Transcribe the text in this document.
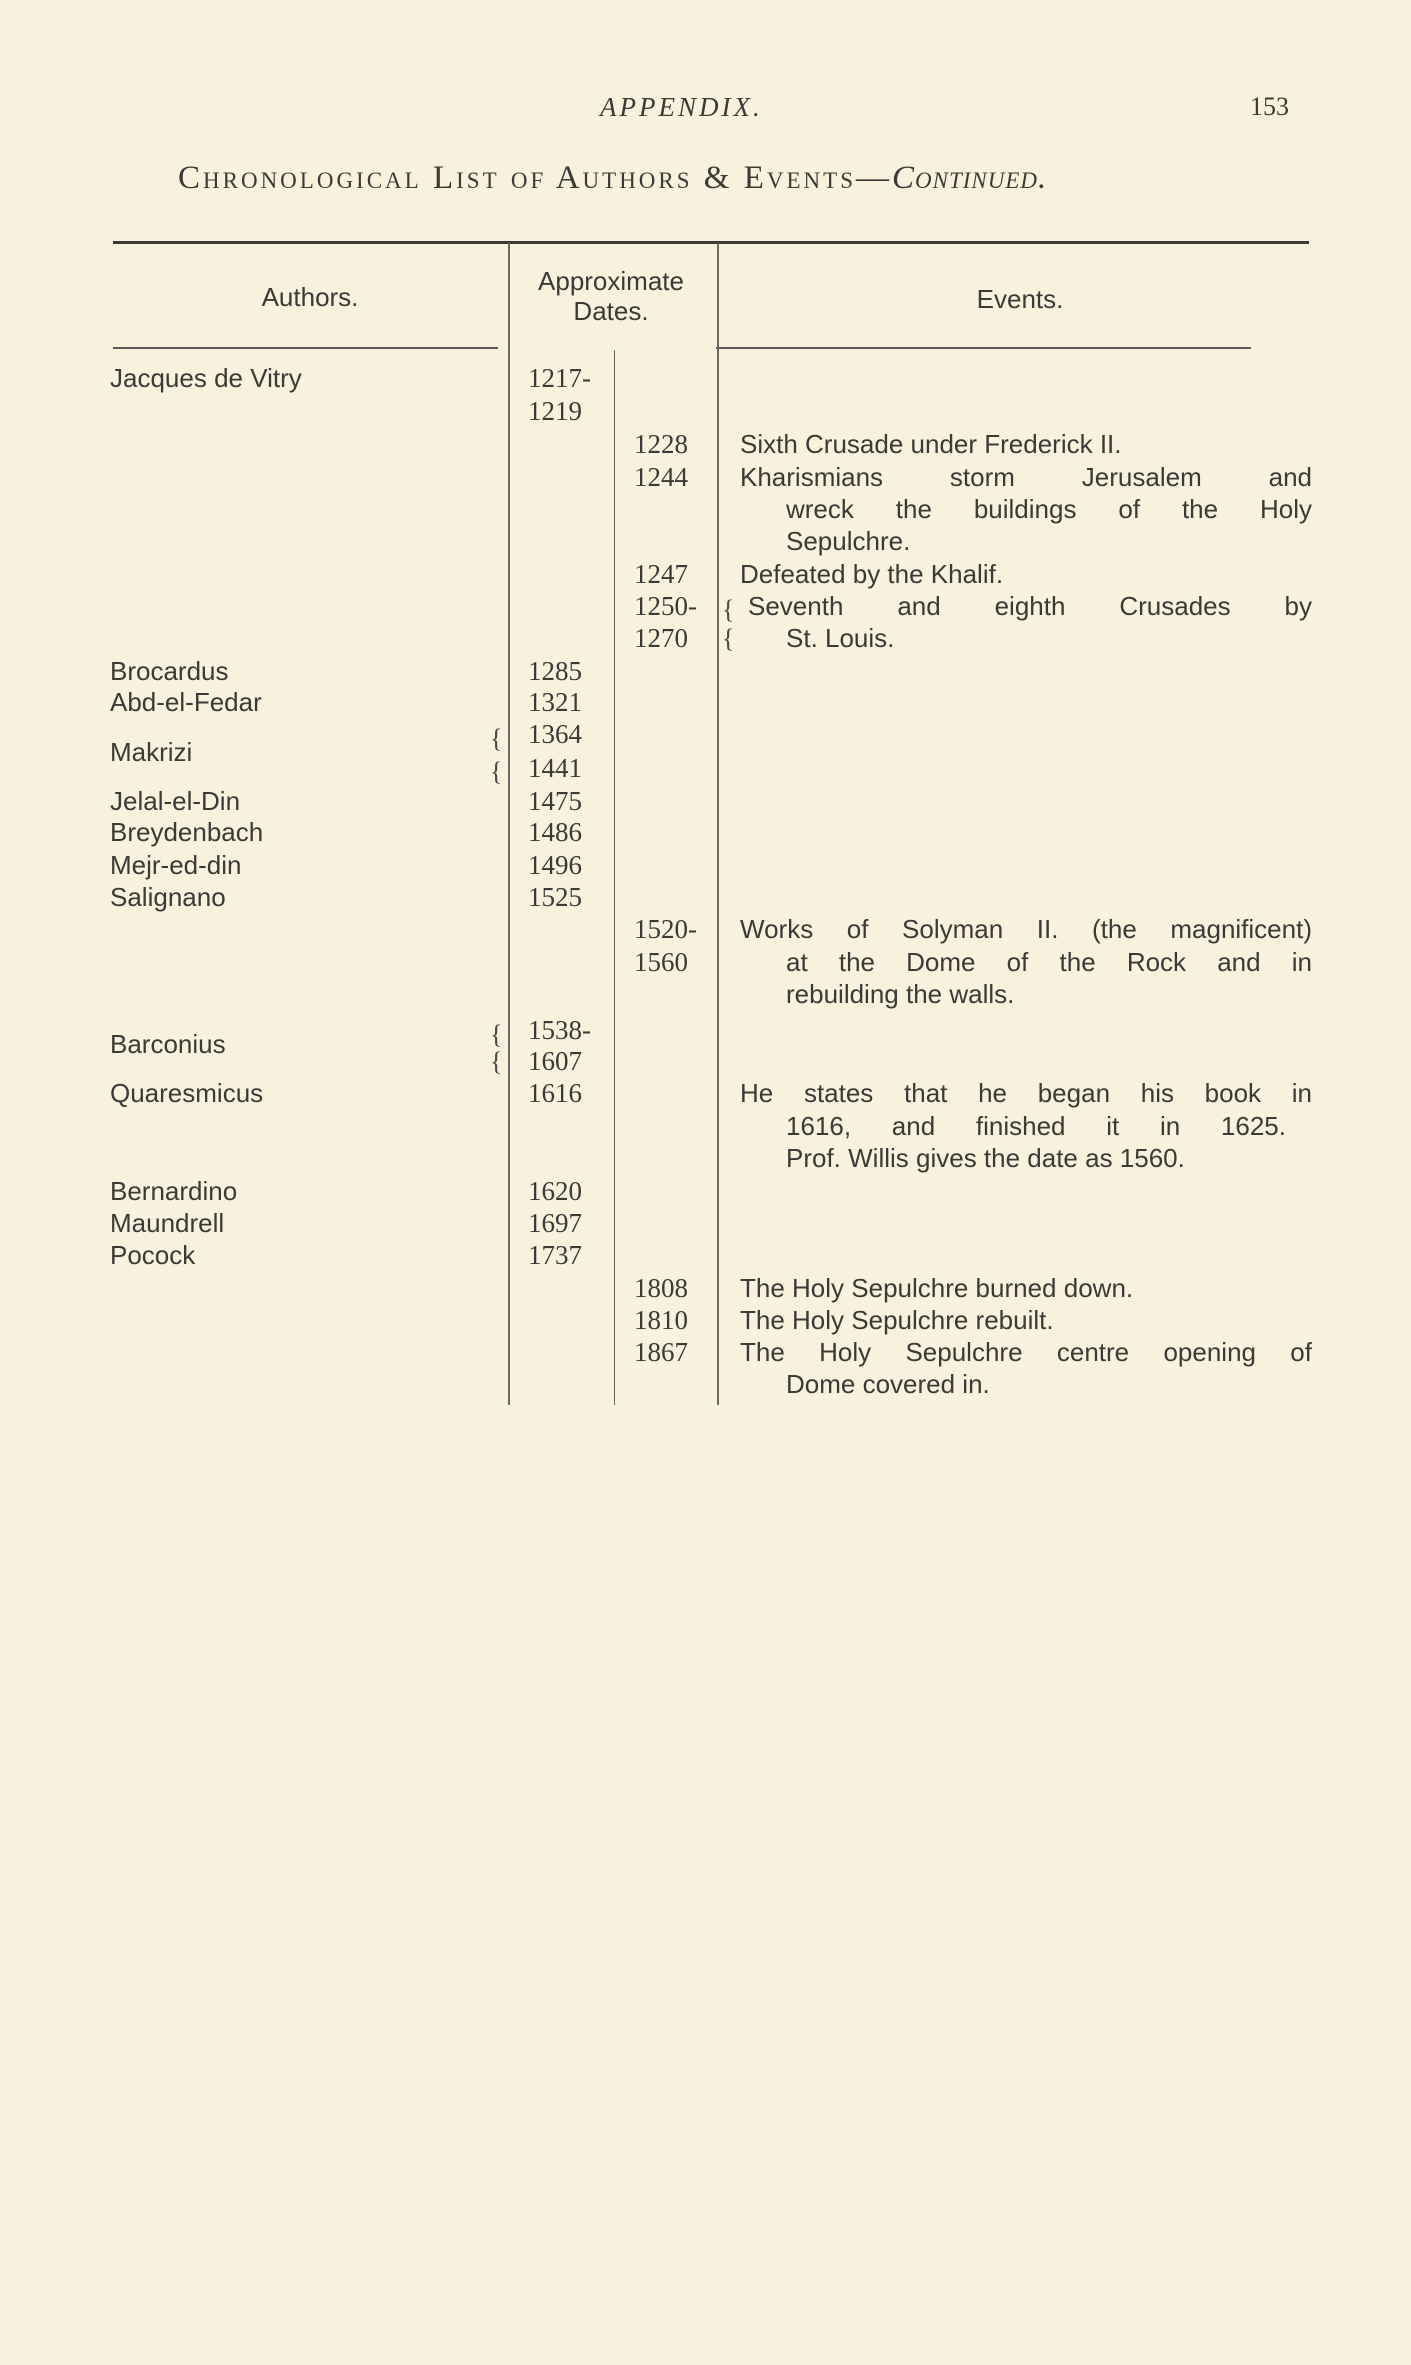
APPENDIX.	153
Chronological List of Authors & Events—Continued.
Authors.
Approximate Dates.	Events.
Jacques de Vitry
Brocardus
Abd-el-Fedar
Makrizi
Jelal-el-Din
Breydenbach
Mejr-ed-din
Salignano
Barconius
Quaresmicus
Bernardino
Maundrell
Pocock
{
{
{
{
{
{
1217-
1219
1285
1321
1364
1441
1475
1486
1496
1525
1538-
1607
1616
1620
1697
1737
1228
1244
1247
1250-
1270
1520-
1560
1808
1810
1867
Sixth Crusade under Frederick II.
Kharismians storm Jerusalem and
wreck the buildings of the Holy
Sepulchre.
Defeated by the Khalif.
Seventh and eighth Crusades by
St. Louis.
Works of Solyman II. (the magnificent)
at the Dome of the Rock and in
rebuilding the walls.
He states that he began his book in
1616, and finished it in 1625.
Prof. Willis gives the date as 1560.
The Holy Sepulchre burned down.
The Holy Sepulchre rebuilt.
The Holy Sepulchre centre opening of
Dome covered in.
